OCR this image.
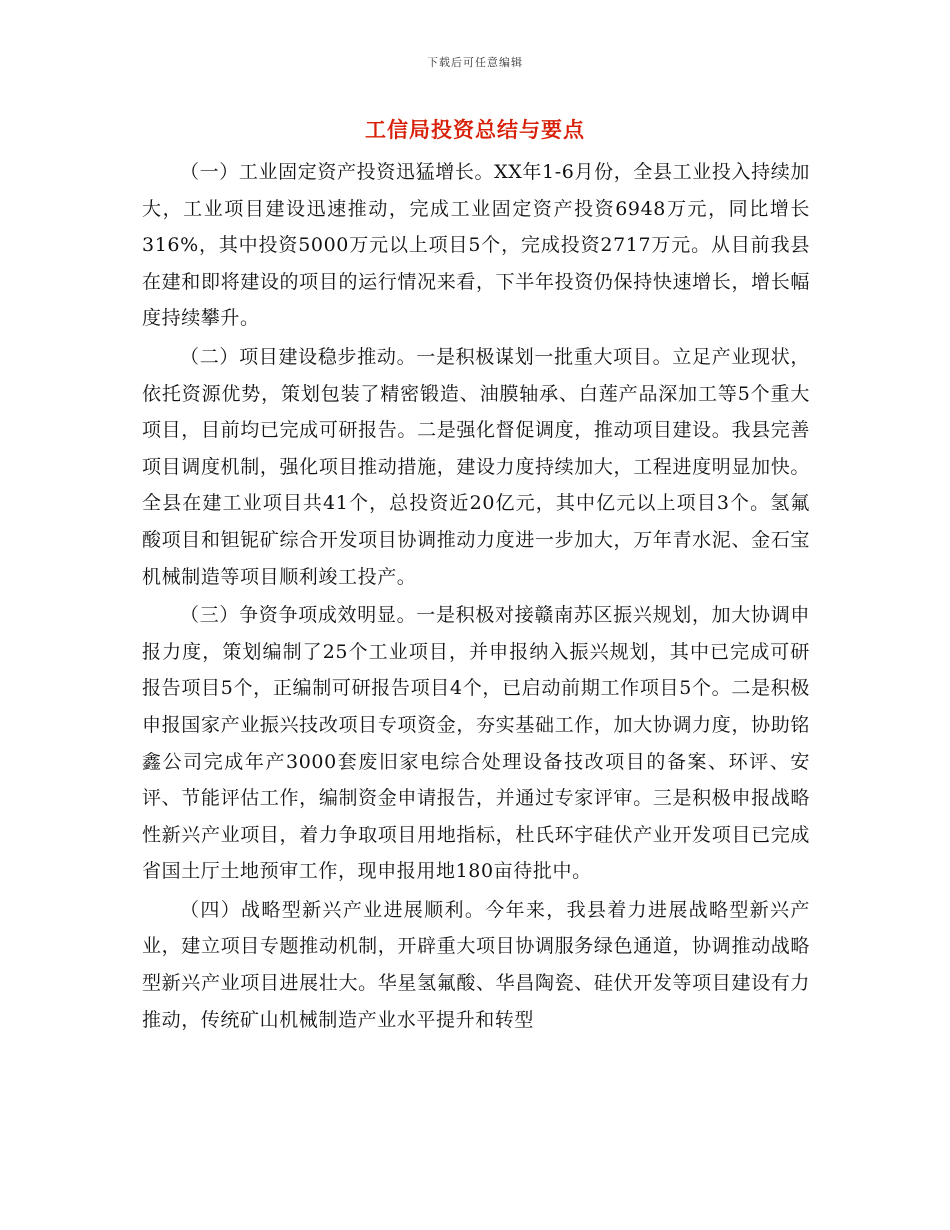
下载后可任意编辑
工信局投资总结与要点

（一）工业固定资产投资迅猛增长。XX年1-6月份，全县工业投入持续加大，工业项目建设迅速推动，完成工业固定资产投资6948万元，同比增长316%，其中投资5000万元以上项目5个，完成投资2717万元。从目前我县在建和即将建设的项目的运行情况来看，下半年投资仍保持快速增长，增长幅度持续攀升。

（二）项目建设稳步推动。一是积极谋划一批重大项目。立足产业现状，依托资源优势，策划包装了精密锻造、油膜轴承、白莲产品深加工等5个重大项目，目前均已完成可研报告。二是强化督促调度，推动项目建设。我县完善项目调度机制，强化项目推动措施，建设力度持续加大，工程进度明显加快。全县在建工业项目共41个，总投资近20亿元，其中亿元以上项目3个。氢氟酸项目和钽铌矿综合开发项目协调推动力度进一步加大，万年青水泥、金石宝机械制造等项目顺利竣工投产。

（三）争资争项成效明显。一是积极对接赣南苏区振兴规划，加大协调申报力度，策划编制了25个工业项目，并申报纳入振兴规划，其中已完成可研报告项目5个，正编制可研报告项目4个，已启动前期工作项目5个。二是积极申报国家产业振兴技改项目专项资金，夯实基础工作，加大协调力度，协助铭鑫公司完成年产3000套废旧家电综合处理设备技改项目的备案、环评、安评、节能评估工作，编制资金申请报告，并通过专家评审。三是积极申报战略性新兴产业项目，着力争取项目用地指标，杜氏环宇硅伏产业开发项目已完成省国土厅土地预审工作，现申报用地180亩待批中。

（四）战略型新兴产业进展顺利。今年来，我县着力进展战略型新兴产业，建立项目专题推动机制，开辟重大项目协调服务绿色通道，协调推动战略型新兴产业项目进展壮大。华星氢氟酸、华昌陶瓷、硅伏开发等项目建设有力推动，传统矿山机械制造产业水平提升和转型
